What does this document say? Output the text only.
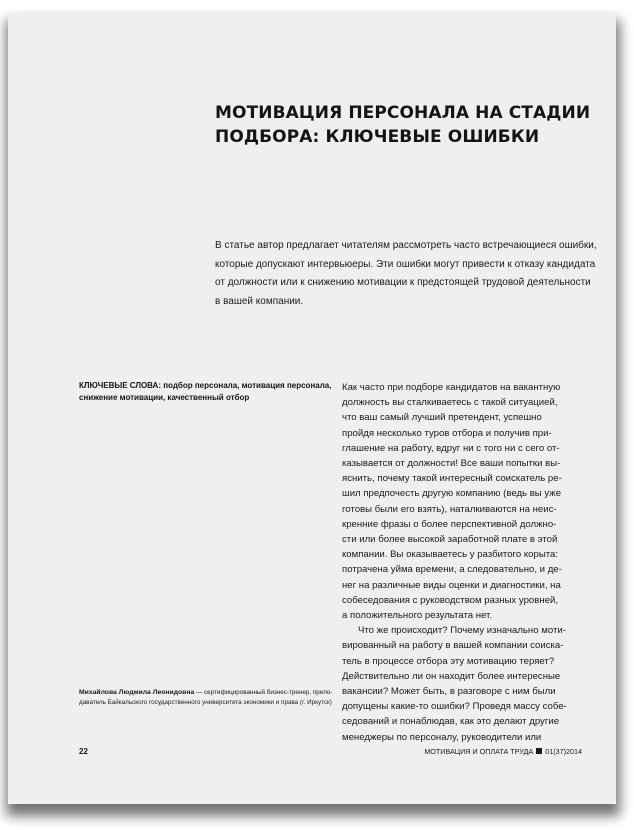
МОТИВАЦИЯ ПЕРСОНАЛА НА СТАДИИ
ПОДБОРА: КЛЮЧЕВЫЕ ОШИБКИ
В статье автор предлагает читателям рассмотреть часто встречающиеся ошибки,
которые допускают интервьюеры. Эти ошибки могут привести к отказу кандидата
от должности или к снижению мотивации к предстоящей трудовой деятельности
в вашей компании.
КЛЮЧЕВЫЕ СЛОВА: подбор персонала, мотивация персонала,
снижение мотивации, качественный отбор
Как часто при подборе кандидатов на вакантную
должность вы сталкиваетесь с такой ситуацией,
что ваш самый лучший претендент, успешно
пройдя несколько туров отбора и получив при-
глашение на работу, вдруг ни с того ни с сего от-
казывается от должности! Все ваши попытки вы-
яснить, почему такой интересный соискатель ре-
шил предпочесть другую компанию (ведь вы уже
готовы были его взять), наталкиваются на неис-
кренние фразы о более перспективной должно-
сти или более высокой заработной плате в этой
компании. Вы оказываетесь у разбитого корыта:
потрачена уйма времени, а следовательно, и де-
нег на различные виды оценки и диагностики, на
собеседования с руководством разных уровней,
а положительного результата нет.
Что же происходит? Почему изначально моти-
вированный на работу в вашей компании соиска-
тель в процессе отбора эту мотивацию теряет?
Действительно ли он находит более интересные
вакансии? Может быть, в разговоре с ним были
допущены какие-то ошибки? Проведя массу собе-
седований и понаблюдав, как это делают другие
менеджеры по персоналу, руководители или
Михайлова Людмила Леонидовна — сертифицированный бизнес-тренер, препо-
даватель Байкальского государственного университета экономики и права (г. Иркутск)
22	МОТИВАЦИЯ И ОПЛАТА ТРУДА 01(37)2014
